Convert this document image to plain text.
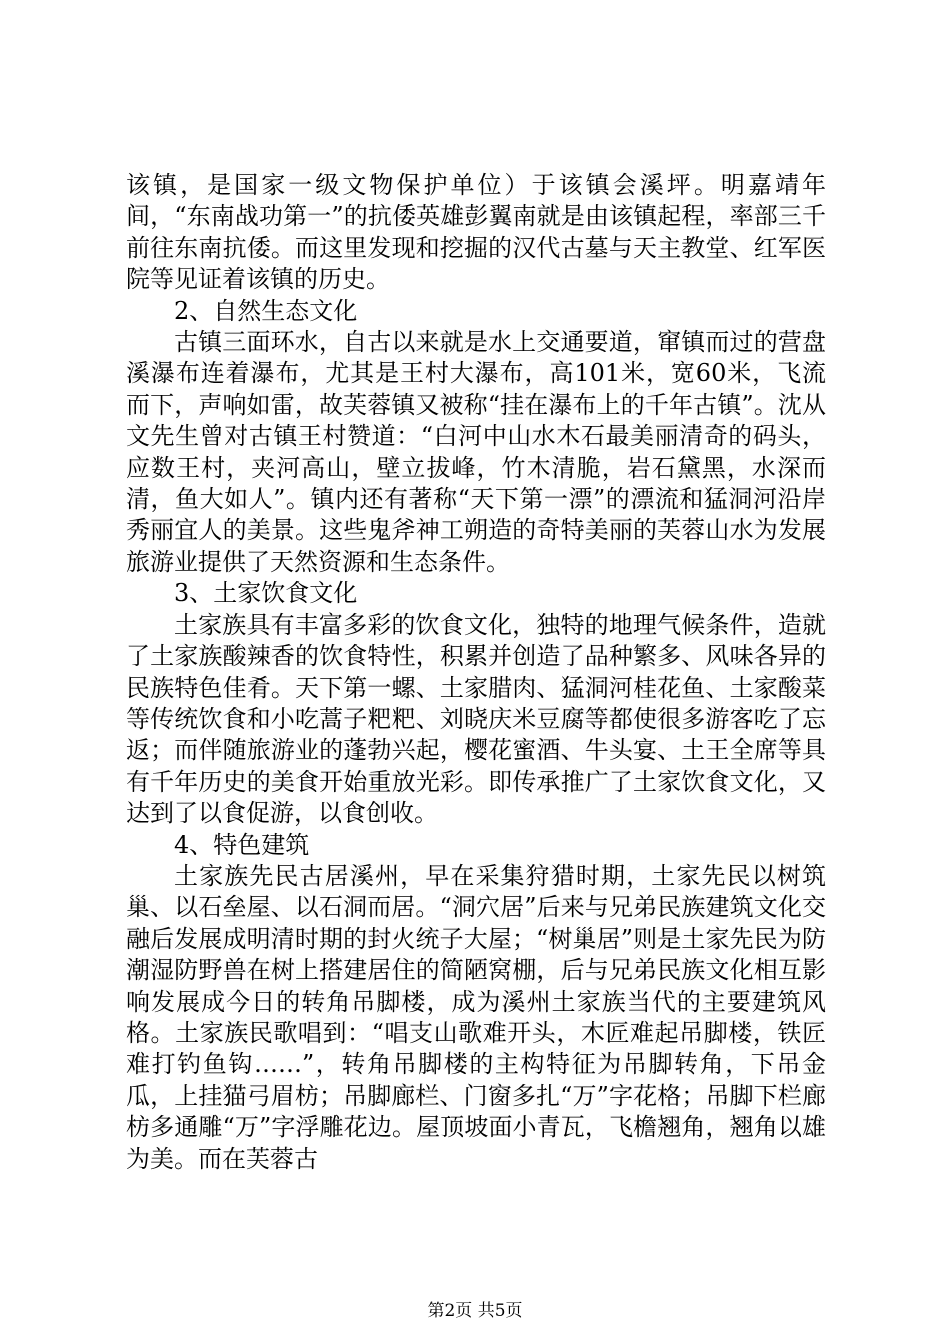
该镇，是国家一级文物保护单位）于该镇会溪坪。明嘉靖年间，“东南战功第一”的抗倭英雄彭翼南就是由该镇起程，率部三千前往东南抗倭。而这里发现和挖掘的汉代古墓与天主教堂、红军医院等见证着该镇的历史。

2、自然生态文化

古镇三面环水，自古以来就是水上交通要道，窜镇而过的营盘溪瀑布连着瀑布，尤其是王村大瀑布，高101米，宽60米，飞流而下，声响如雷，故芙蓉镇又被称“挂在瀑布上的千年古镇”。沈从文先生曾对古镇王村赞道：“白河中山水木石最美丽清奇的码头，应数王村，夹河高山，壁立拔峰，竹木清脆，岩石黛黑，水深而清，鱼大如人”。镇内还有著称“天下第一漂”的漂流和猛洞河沿岸秀丽宜人的美景。这些鬼斧神工朔造的奇特美丽的芙蓉山水为发展旅游业提供了天然资源和生态条件。

3、土家饮食文化

土家族具有丰富多彩的饮食文化，独特的地理气候条件，造就了土家族酸辣香的饮食特性，积累并创造了品种繁多、风味各异的民族特色佳肴。天下第一螺、土家腊肉、猛洞河桂花鱼、土家酸菜等传统饮食和小吃蒿子粑粑、刘晓庆米豆腐等都使很多游客吃了忘返；而伴随旅游业的蓬勃兴起，樱花蜜酒、牛头宴、土王全席等具有千年历史的美食开始重放光彩。即传承推广了土家饮食文化，又达到了以食促游，以食创收。

4、特色建筑

土家族先民古居溪州，早在采集狩猎时期，土家先民以树筑巢、以石垒屋、以石洞而居。“洞穴居”后来与兄弟民族建筑文化交融后发展成明清时期的封火统子大屋；“树巢居”则是土家先民为防潮湿防野兽在树上搭建居住的简陋窝棚，后与兄弟民族文化相互影响发展成今日的转角吊脚楼，成为溪州土家族当代的主要建筑风格。土家族民歌唱到：“唱支山歌难开头，木匠难起吊脚楼，铁匠难打钓鱼钩……”，转角吊脚楼的主构特征为吊脚转角，下吊金瓜，上挂猫弓眉枋；吊脚廊栏、门窗多扎“万”字花格；吊脚下栏廊枋多通雕“万”字浮雕花边。屋顶坡面小青瓦，飞檐翘角，翘角以雄为美。而在芙蓉古

第2页 共5页
